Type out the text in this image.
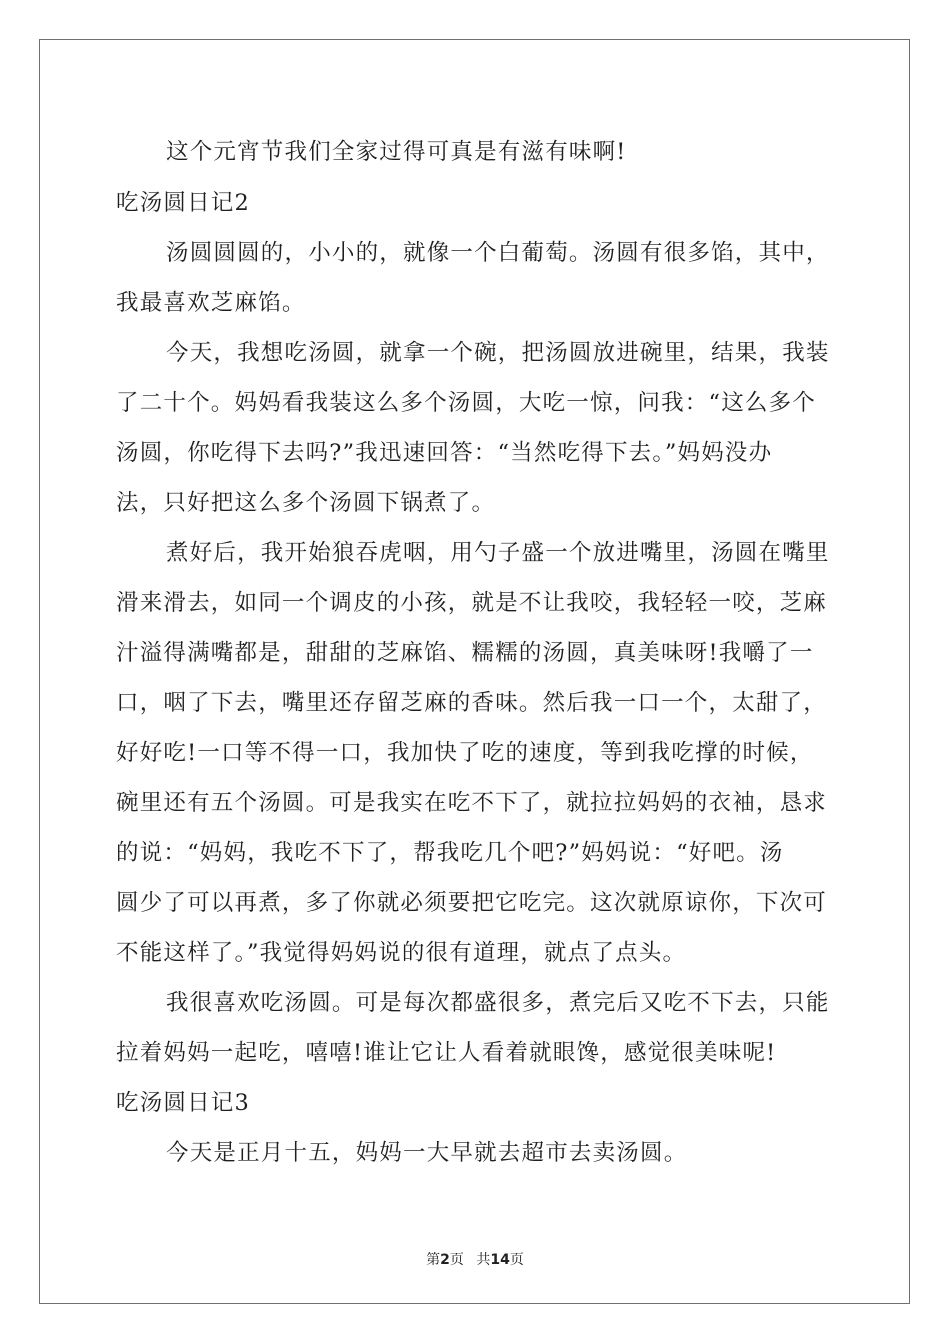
这个元宵节我们全家过得可真是有滋有味啊!
吃汤圆日记2
汤圆圆圆的，小小的，就像一个白葡萄。汤圆有很多馅，其中，
我最喜欢芝麻馅。
今天，我想吃汤圆，就拿一个碗，把汤圆放进碗里，结果，我装
了二十个。妈妈看我装这么多个汤圆，大吃一惊，问我：“这么多个
汤圆，你吃得下去吗?”我迅速回答：“当然吃得下去。”妈妈没办
法，只好把这么多个汤圆下锅煮了。
煮好后，我开始狼吞虎咽，用勺子盛一个放进嘴里，汤圆在嘴里
滑来滑去，如同一个调皮的小孩，就是不让我咬，我轻轻一咬，芝麻
汁溢得满嘴都是，甜甜的芝麻馅、糯糯的汤圆，真美味呀!我嚼了一
口，咽了下去，嘴里还存留芝麻的香味。然后我一口一个，太甜了，
好好吃!一口等不得一口，我加快了吃的速度，等到我吃撑的时候，
碗里还有五个汤圆。可是我实在吃不下了，就拉拉妈妈的衣袖，恳求
的说：“妈妈，我吃不下了，帮我吃几个吧?”妈妈说：“好吧。汤
圆少了可以再煮，多了你就必须要把它吃完。这次就原谅你，下次可
不能这样了。”我觉得妈妈说的很有道理，就点了点头。
我很喜欢吃汤圆。可是每次都盛很多，煮完后又吃不下去，只能
拉着妈妈一起吃，嘻嘻!谁让它让人看着就眼馋，感觉很美味呢!
吃汤圆日记3
今天是正月十五，妈妈一大早就去超市去卖汤圆。
第2页 共14页
